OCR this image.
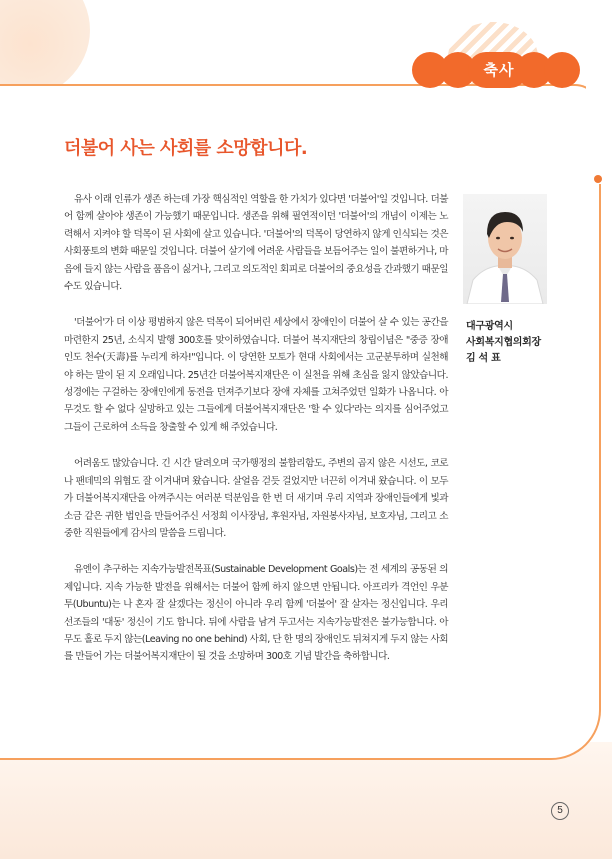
축사
더불어 사는 사회를 소망합니다.

유사 이래 인류가 생존 하는데 가장 핵심적인 역할을 한 가치가 있다면 '더불어'일 것입니다. 더불어 함께 살아야 생존이 가능했기 때문입니다. 생존을 위해 필연적이던 '더불어'의 개념이 이제는 노력해서 지켜야 할 덕목이 된 사회에 살고 있습니다. '더불어'의 덕목이 당연하지 않게 인식되는 것은 사회풍토의 변화 때문일 것입니다. 더불어 살기에 어려운 사람들을 보듬어주는 일이 불편하거나, 마음에 들지 않는 사람을 품음이 싫거나, 그리고 의도적인 회피로 더불어의 중요성을 간과했기 때문일 수도 있습니다.

'더불어'가 더 이상 평범하지 않은 덕목이 되어버린 세상에서 장애인이 더불어 살 수 있는 공간을 마련한지 25년, 소식지 발행 300호를 맞이하였습니다. 더불어 복지재단의 창립이념은 "중증 장애인도 천수(天壽)를 누리게 하자!"입니다. 이 당연한 모토가 현대 사회에서는 고군분투하며 실천해야 하는 말이 된 지 오래입니다. 25년간 더불어복지재단은 이 실천을 위해 초심을 잃지 않았습니다. 성경에는 구걸하는 장애인에게 동전을 던져주기보다 장애 자체를 고쳐주었던 일화가 나옵니다. 아무것도 할 수 없다 실망하고 있는 그들에게 더불어복지재단은 '할 수 있다'라는 의지를 심어주었고 그들이 근로하여 소득을 창출할 수 있게 해 주었습니다.

어려움도 많았습니다. 긴 시간 달려오며 국가행정의 불합리함도, 주변의 곱지 않은 시선도, 코로나 팬데믹의 위협도 잘 이겨내며 왔습니다. 살얼음 걷듯 걸었지만 너끈히 이겨내 왔습니다. 이 모두가 더불어복지재단을 아껴주시는 여러분 덕분임을 한 번 더 새기며 우리 지역과 장애인들에게 빛과 소금 같은 귀한 법인을 만들어주신 서정희 이사장님, 후원자님, 자원봉사자님, 보호자님, 그리고 소중한 직원들에게 감사의 말씀을 드립니다.

유엔이 추구하는 지속가능발전목표(Sustainable Development Goals)는 전 세계의 공동된 의제입니다. 지속 가능한 발전을 위해서는 더불어 함께 하지 않으면 안됩니다. 아프리카 격언인 우분투(Ubuntu)는 나 혼자 잘 살겠다는 정신이 아니라 우리 함께 '더불어' 잘 살자는 정신입니다. 우리 선조들의 '대동' 정신이 기도 합니다. 뒤에 사람을 남겨 두고서는 지속가능발전은 불가능합니다. 아무도 홀로 두지 않는(Leaving no one behind) 사회, 단 한 명의 장애인도 뒤쳐지게 두지 않는 사회를 만들어 가는 더불어복지재단이 될 것을 소망하며 300호 기념 발간을 축하합니다.

대구광역시
사회복지협의회장
김 석 표
5
